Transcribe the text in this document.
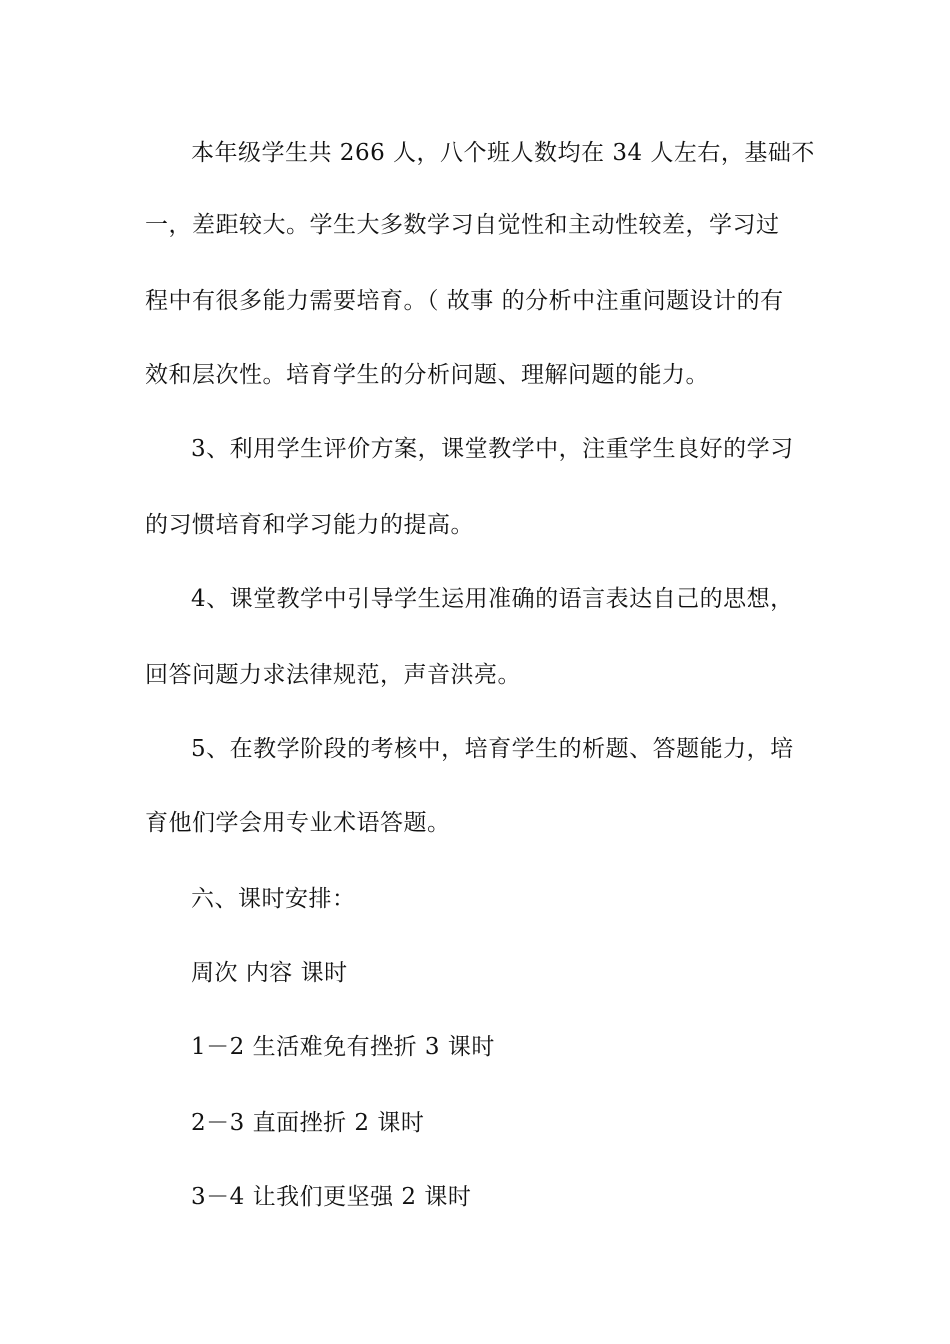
本年级学生共 266 人，八个班人数均在 34 人左右，基础不
一，差距较大。学生大多数学习自觉性和主动性较差，学习过
程中有很多能力需要培育。（ 故事 的分析中注重问题设计的有
效和层次性。培育学生的分析问题、理解问题的能力。
3、利用学生评价方案，课堂教学中，注重学生良好的学习
的习惯培育和学习能力的提高。
4、课堂教学中引导学生运用准确的语言表达自己的思想，
回答问题力求法律规范，声音洪亮。
5、在教学阶段的考核中，培育学生的析题、答题能力，培
育他们学会用专业术语答题。
六、课时安排：
周次 内容 课时
1－2 生活难免有挫折 3 课时
2－3 直面挫折 2 课时
3－4 让我们更坚强 2 课时
